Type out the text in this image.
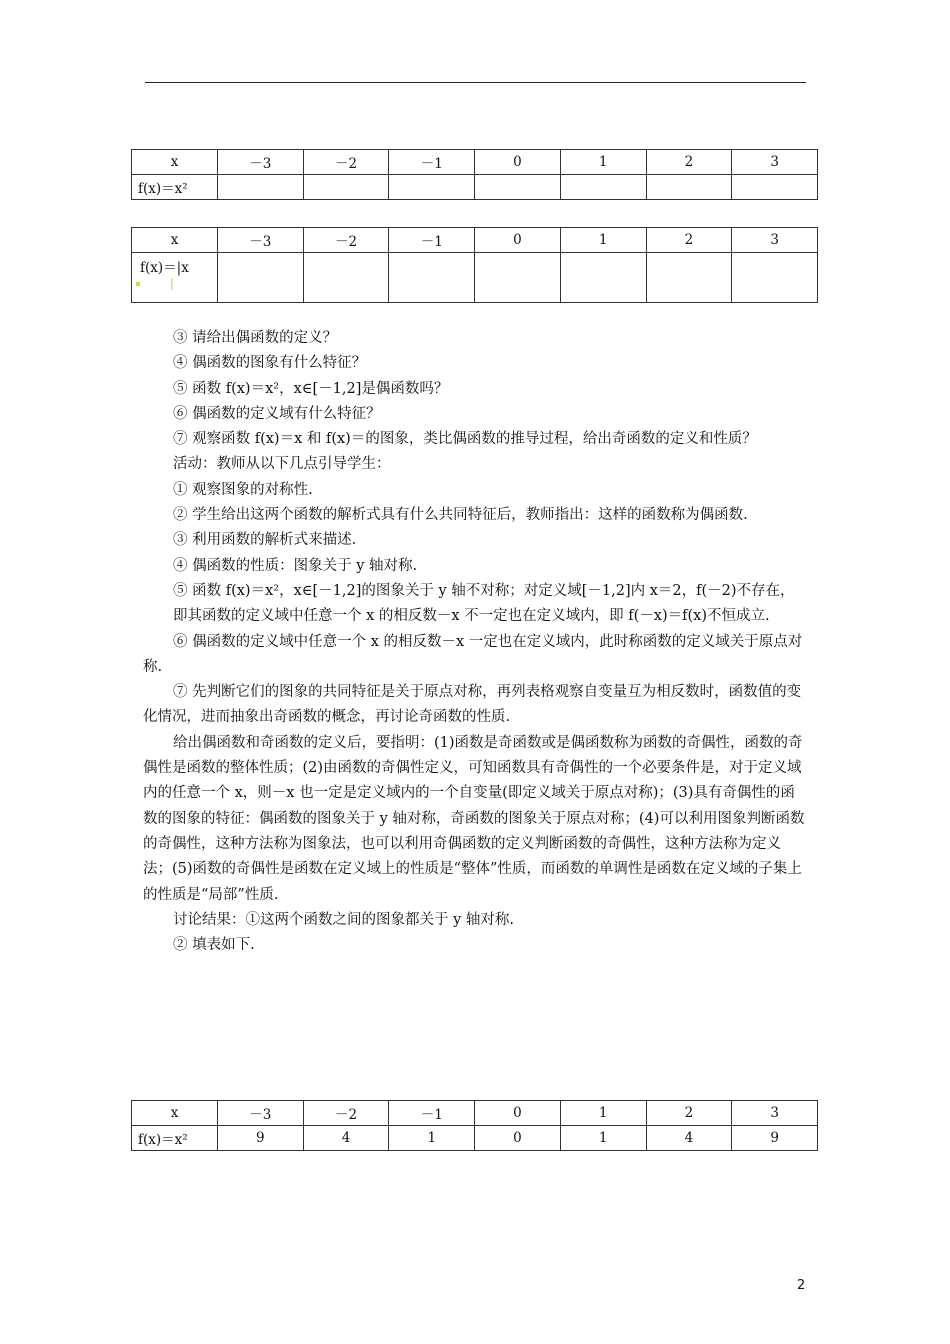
x	－3	－2	－1	0	1	2	3
f(x)＝x²							
x	－3	－2	－1	0	1	2	3
f(x)＝|x
|							

③ 请给出偶函数的定义？

④ 偶函数的图象有什么特征？

⑤ 函数 f(x)＝x²，x∈[－1,2]是偶函数吗？

⑥ 偶函数的定义域有什么特征？

⑦ 观察函数 f(x)＝x 和 f(x)＝的图象，类比偶函数的推导过程，给出奇函数的定义和性质？

活动：教师从以下几点引导学生：

① 观察图象的对称性.

② 学生给出这两个函数的解析式具有什么共同特征后，教师指出：这样的函数称为偶函数.

③ 利用函数的解析式来描述.

④ 偶函数的性质：图象关于 y 轴对称.

⑤ 函数 f(x)＝x²，x∈[－1,2]的图象关于 y 轴不对称；对定义域[－1,2]内 x＝2，f(－2)不存在，

即其函数的定义域中任意一个 x 的相反数－x 不一定也在定义域内，即 f(－x)＝f(x)不恒成立.

⑥ 偶函数的定义域中任意一个 x 的相反数－x 一定也在定义域内，此时称函数的定义域关于原点对称.

⑦ 先判断它们的图象的共同特征是关于原点对称，再列表格观察自变量互为相反数时，函数值的变化情况，进而抽象出奇函数的概念，再讨论奇函数的性质.

给出偶函数和奇函数的定义后，要指明：(1)函数是奇函数或是偶函数称为函数的奇偶性，函数的奇偶性是函数的整体性质；(2)由函数的奇偶性定义，可知函数具有奇偶性的一个必要条件是，对于定义域内的任意一个 x，则－x 也一定是定义域内的一个自变量(即定义域关于原点对称)；(3)具有奇偶性的函数的图象的特征：偶函数的图象关于 y 轴对称，奇函数的图象关于原点对称；(4)可以利用图象判断函数的奇偶性，这种方法称为图象法，也可以利用奇偶函数的定义判断函数的奇偶性，这种方法称为定义法；(5)函数的奇偶性是函数在定义域上的性质是“整体”性质，而函数的单调性是函数在定义域的子集上的性质是“局部”性质.

讨论结果：①这两个函数之间的图象都关于 y 轴对称.

② 填表如下.

x	－3	－2	－1	0	1	2	3
f(x)＝x²	9	4	1	0	1	4	9
2
